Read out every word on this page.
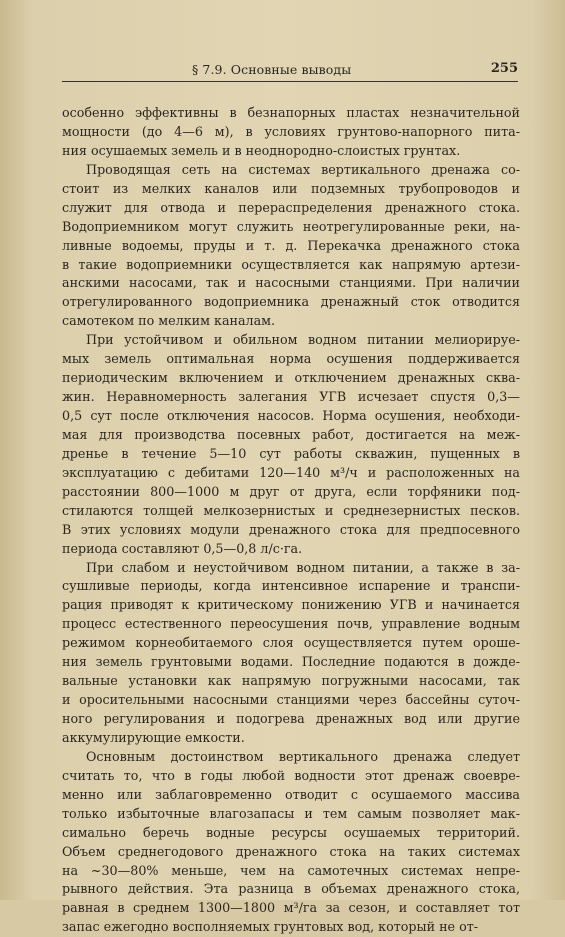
§ 7.9. Основные выводы	255
особенно эффективны в безнапорных пластах незначительной
мощности (до 4—6 м), в условиях грунтово-напорного пита-
ния осушаемых земель и в неоднородно-слоистых грунтах.
Проводящая сеть на системах вертикального дренажа со-
стоит из мелких каналов или подземных трубопроводов и
служит для отвода и перераспределения дренажного стока.
Водоприемником могут служить неотрегулированные реки, на-
ливные водоемы, пруды и т. д. Перекачка дренажного стока
в такие водоприемники осуществляется как напрямую артези-
анскими насосами, так и насосными станциями. При наличии
отрегулированного водоприемника дренажный сток отводится
самотеком по мелким каналам.
При устойчивом и обильном водном питании мелиорируе-
мых земель оптимальная норма осушения поддерживается
периодическим включением и отключением дренажных сква-
жин. Неравномерность залегания УГВ исчезает спустя 0,3—
0,5 сут после отключения насосов. Норма осушения, необходи-
мая для производства посевных работ, достигается на меж-
дренье в течение 5—10 сут работы скважин, пущенных в
эксплуатацию с дебитами 120—140 м³/ч и расположенных на
расстоянии 800—1000 м друг от друга, если торфяники под-
стилаются толщей мелкозернистых и среднезернистых песков.
В этих условиях модули дренажного стока для предпосевного
периода составляют 0,5—0,8 л/с·га.
При слабом и неустойчивом водном питании, а также в за-
сушливые периоды, когда интенсивное испарение и транспи-
рация приводят к критическому понижению УГВ и начинается
процесс естественного переосушения почв, управление водным
режимом корнеобитаемого слоя осуществляется путем ороше-
ния земель грунтовыми водами. Последние подаются в дожде-
вальные установки как напрямую погружными насосами, так
и оросительными насосными станциями через бассейны суточ-
ного регулирования и подогрева дренажных вод или другие
аккумулирующие емкости.
Основным достоинством вертикального дренажа следует
считать то, что в годы любой водности этот дренаж своевре-
менно или заблаговременно отводит с осушаемого массива
только избыточные влагозапасы и тем самым позволяет мак-
симально беречь водные ресурсы осушаемых территорий.
Объем среднегодового дренажного стока на таких системах
на ~30—80% меньше, чем на самотечных системах непре-
рывного действия. Эта разница в объемах дренажного стока,
равная в среднем 1300—1800 м³/га за сезон, и составляет тот
запас ежегодно восполняемых грунтовых вод, который не от-
